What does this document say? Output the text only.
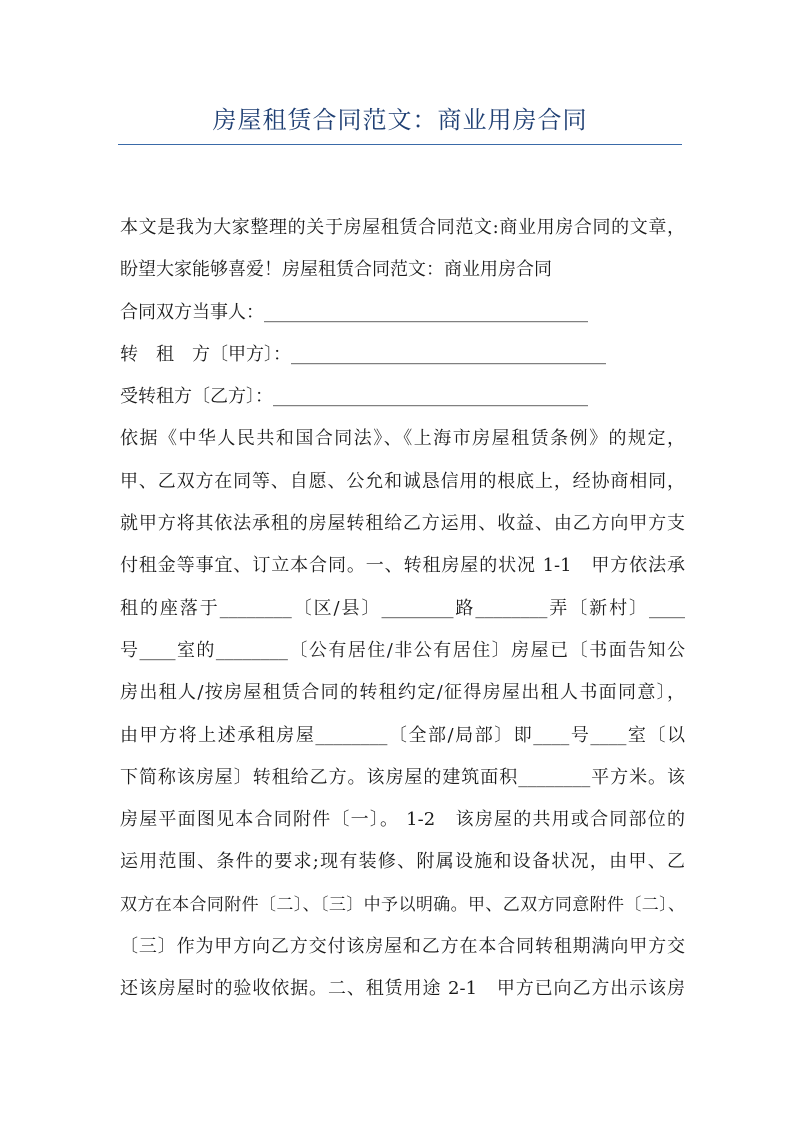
房屋租赁合同范文：商业用房合同
本文是我为大家整理的关于房屋租赁合同范文:商业用房合同的文章，
盼望大家能够喜爱！房屋租赁合同范文：商业用房合同
合同双方当事人：____________________________________
转　租　方〔甲方〕：___________________________________
受转租方〔乙方〕：___________________________________
依据《中华人民共和国合同法》、《上海市房屋租赁条例》的规定，
甲、乙双方在同等、自愿、公允和诚恳信用的根底上，经协商相同，
就甲方将其依法承租的房屋转租给乙方运用、收益、由乙方向甲方支
付租金等事宜、订立本合同。一、转租房屋的状况 1-1　甲方依法承
租的座落于________〔区/县〕________路________弄〔新村〕____
号____室的________〔公有居住/非公有居住〕房屋已〔书面告知公
房出租人/按房屋租赁合同的转租约定/征得房屋出租人书面同意〕，
由甲方将上述承租房屋________〔全部/局部〕即____号____室〔以
下简称该房屋〕转租给乙方。该房屋的建筑面积________平方米。该
房屋平面图见本合同附件〔一〕。 1-2　该房屋的共用或合同部位的
运用范围、条件的要求;现有装修、附属设施和设备状况，由甲、乙
双方在本合同附件〔二〕、〔三〕中予以明确。甲、乙双方同意附件〔二〕、
〔三〕作为甲方向乙方交付该房屋和乙方在本合同转租期满向甲方交
还该房屋时的验收依据。二、租赁用途 2-1　甲方已向乙方出示该房
